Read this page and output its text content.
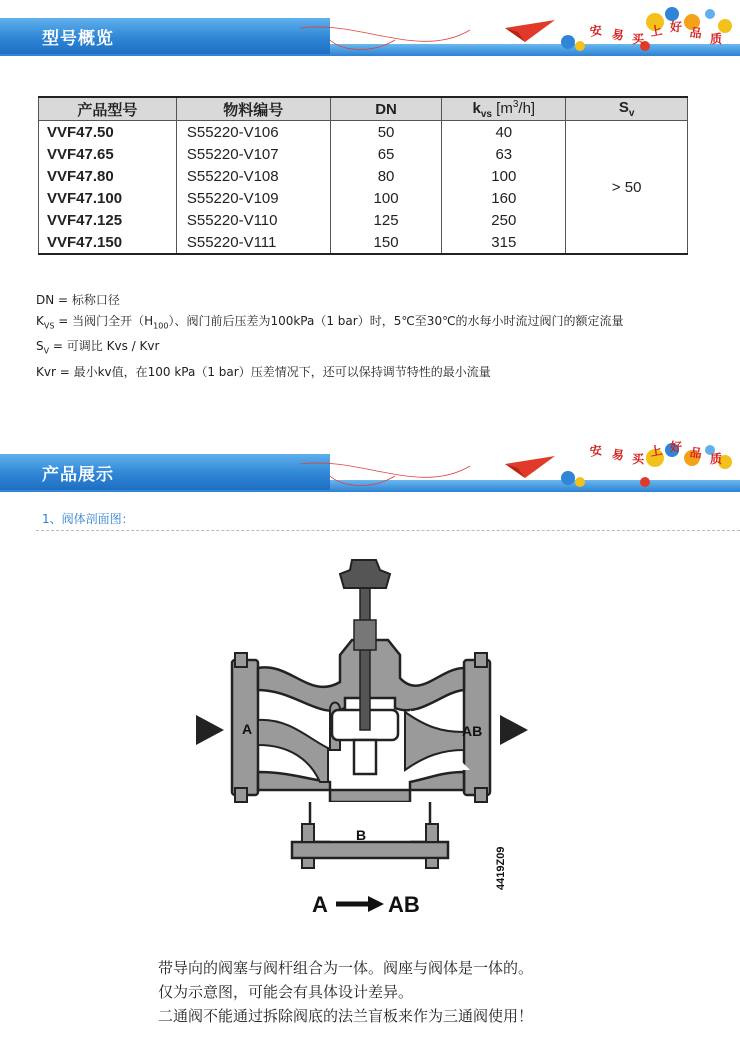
型号概览	安 易 买
上 好 品 质
产品型号	物料编号	DN	$k_{vs}$ $[m^3/h]$	$S_v$
VVF47.50	S55220-V106	50	40	> 50
VVF47.65	S55220-V107	65	63	
VVF47.80	S55220-V108	80	100	
VVF47.100	S55220-V109	100	160	
VVF47.125	S55220-V110	125	250	
VVF47.150	S55220-V111	150	315	
DN = 标称口径
$K_{VS}$ = 当阀门全开$(H_{100})$、阀门前后压差为100kPa（1 bar）时，5℃至30℃的水每小时流过阀门的额定流量
$S_V$ = 可调比 Kvs / Kvr
Kvr = 最小kv值，在100 kPa（1 bar）压差情况下，还可以保持调节特性的最小流量
产品展示
安 易 买
上 好 品 质
1、阀体剖面图：
A	AB
B
A	AB
4419Z09
带导向的阀塞与阀杆组合为一体。阀座与阀体是一体的。
仅为示意图，可能会有具体设计差异。
二通阀不能通过拆除阀底的法兰盲板来作为三通阀使用！
